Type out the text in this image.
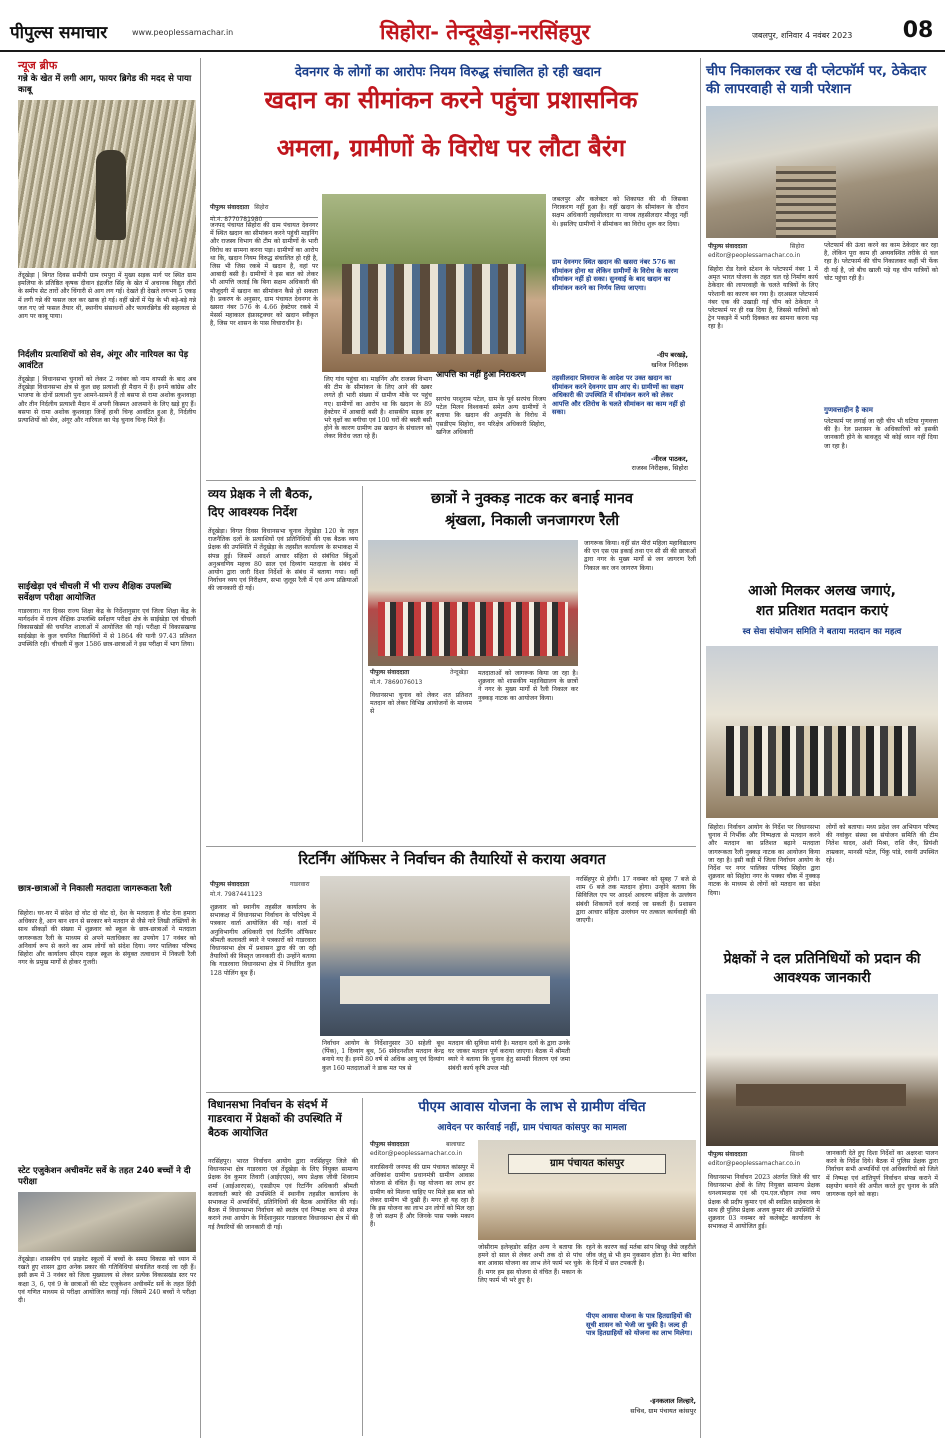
पीपुल्स समाचार	www.peoplessamachar.in	सिहोरा- तेन्दूखेड़ा-नरसिंहपुर	जबलपुर, शनिवार 4 नवंबर 2023	08
न्यूज ब्रीफ
गन्ने के खेत में लगी आग, फायर ब्रिगेड की मदद से पाया काबू
तेंदूखेड़ा | बिगत दिवस समीपी ग्राम रमपुरा में मुख्य सड़क मार्ग पर स्थित ग्राम इमलिया के प्रतिष्ठित कृषक दीवान इंद्रजीत सिंह के खेत में अचानक विद्युत तीरों के समीप सेट तारों और चिंगारी से आग लग गई। देखते ही देखते लगभग 5 एकड़ में लगी गन्ने की फसल जल कर खाक हो गई। वहीं खेतों में पेड़ के भी बड़े-बड़े गन्ने जल गए जो फसल तैयार थी, स्थानीय संसाधनों और फायरब्रिगेड की सहायता से आग पर काबू पाया।
निर्दलीय प्रत्याशियों को सेव, अंगूर और नारियल का पेड़ आवंटित
तेंदूखेड़ा | विधानसभा चुनावों को लेकर 2 नवंबर को नाम वापसी के बाद अब तेंदूखेड़ा विधानसभा क्षेत्र से कुल छह प्रत्याशी ही मैदान में हैं। इनमें कांग्रेस और भाजपा के दोनों प्रत्याशी पुनः आमने-सामने हैं तो बसपा से रामा अशोक कुशवाहा और तीन निर्दलीय प्रत्याशी मैदान में अपनी किस्मत आजमाने के लिए खड़े हुए हैं। बसपा से रामा अशोक कुशवाहा जिन्हें हाथी चिन्ह आवंटित हुआ है, निर्दलीय प्रत्याशियों को सेव, अंगूर और नारियल का पेड़ चुनाव चिन्ह मिले हैं।
साईखेड़ा एवं चीचली में भी राज्य शैक्षिक उपलब्धि सर्वेक्षण परीक्षा आयोजित
गाडरवारा। गत दिवस राज्य शिक्षा केंद्र के निर्देशानुसार एवं जिला शिक्षा केंद्र के मार्गदर्शन में राज्य शैक्षिक उपलब्धि सर्वेक्षण परीक्षा क्षेत्र के साईखेड़ा एवं चीचली विकासखंडों की चयनित शालाओं में आयोजित की गई। परीक्षा में विकासखण्ड साईखेड़ा के कुल चयनित विद्यार्थियों में से 1864 की यानी 97.43 प्रतिशत उपस्थिति रही। चीचली में कुल 1586 छात्र-छात्राओं ने इस परीक्षा में भाग लिया।
छात्र-छात्राओं ने निकाली मतदाता जागरूकता रैली
सिहोरा। घर-घर में संदेश दो वोट दो वोट दो, देश के मतदाता है वोट देना हमारा अधिकार है, आन बान शान से सरकार बने मतदान से जैसे नारे लिखी तख्तियों के साथ सीकड़ों की संख्या में शुक्रवार को स्कूल के छात्र-छात्राओं ने मतदाता जागरूकता रैली के माध्यम से अपने मताधिकार का उपयोग 17 नवंबर को अनिवार्य रूप से करने का आम लोगों को संदेश दिया। नगर पालिका परिषद सिहोरा और कार्यालय सीएम राइज स्कूल के संयुक्त तत्वाधान में निकली रैली नगर के प्रमुख मार्गों से होकर गुजरी।
स्टेट एजुकेशन अचीवमेंट सर्वे के तहत 240 बच्चों ने दी परीक्षा
तेंदूखेड़ा। शासकीय एवं प्राइवेट स्कूलों में बच्चों के समग्र विकास को ध्यान में रखते हुए शासन द्वारा अनेक प्रकार की गतिविधियां संचालित कराई जा रही हैं। इसी क्रम में 3 नवंबर को जिला मुख्यालय से लेकर प्रत्येक विकासखंड स्तर पर कक्षा 3, 6, एवं 9 के छात्राओं की स्टेट एजुकेशन अचीवमेंट सर्वे के तहत हिंदी एवं गणित माध्यम से परीक्षा आयोजित कराई गई। जिसमें 240 बच्चों ने परीक्षा दी।
देवनगर के लोगों का आरोपः नियम विरुद्ध संचालित हो रही खदान
खदान का सीमांकन करने पहुंचा प्रशासनिक
अमला, ग्रामीणों के विरोध पर लौटा बैरंग
पीपुल्स संवाददाता सिहोरा
मो.नं. 8770781980
जनपद पंचायत सिहोरा की ग्राम पंचायत देवनगर में स्थित खदान का सीमांकन करने पहुंची माइनिंग और राजस्व विभाग की टीम को ग्रामीणों के भारी विरोध का सामना करना पड़ा। ग्रामीणों का आरोप था कि, खदान नियम विरुद्ध संचालित हो रही है, जिस भी जिस रकबे में खदान है, वहां पर आबादी बसी है। ग्रामीणों ने इस बात को लेकर भी आपत्ति जताई कि बिना सक्षम अधिकारी की मौजूदगी में खदान का सीमांकन कैसे हो सकता है। प्रकरण के अनुसार, ग्राम पंचायत देवनगर के खसरा नंबर 576 के 4.66 हेक्टेयर रकबे में मेसर्स महाकाल इंफ्रास्ट्रक्चर को खदान स्वीकृत है, जिस पर शासन के पास विचाराधीन है।
लिए गांव पहुंचा था। माइनिंग और राजस्व विभाग की टीम के सीमांकन के लिए आने की खबर लगते ही भारी संख्या में ग्रामीण मौके पर पहुंच गए। ग्रामीणों का आरोप था कि खदान के 89 हेक्टेयर में आबादी बसी है। शासकीय सड़क हर भरे वृक्षों का बगीचा एवं 100 घरों की बस्ती बसी होने के कारण ग्रामीण उस खदान के संचालन को लेकर विरोध जता रहे हैं।
आपत्ति का नहीं हुआ निराकरण
सरपंच परशुराम पटेल, ग्राम के पूर्व सरपंच विजय पटेल मिलन विश्वकर्मा समेत अन्य ग्रामीणों ने बताया कि खदान की अनुमति के विरोध में एसडीएम सिहोरा, वन परिक्षेत्र अधिकारी सिहोरा, खनिज अधिकारी
जबलपुर और कलेक्टर को शिकायत की थी जिसका निराकरण नहीं हुआ है। वहीं खदान के सीमांकन के दौरान सक्षम अधिकारी तहसीलदार या नायब तहसीलदार मौजूद नहीं थे। इसलिए ग्रामीणों ने सीमांकन का विरोध शुरू कर दिया।
ग्राम देवनगर स्थित खदान की खसरा नंबर 576 का सीमांकन होना था लेकिन ग्रामीणों के विरोध के कारण सीमांकन नहीं हो सका। सुनवाई के बाद खदान का सीमांकन करने का निर्णय लिया जाएगा।
-दीप बरखड़े,
खनिज निरीक्षक
तहसीलदार शिवराज के आदेश पर उक्त खदान का सीमांकन करने देवनगर ग्राम आए थे। ग्रामीणों का सक्षम अधिकारी की उपस्थिति में सीमांकन करने को लेकर आपत्ति और रतिरोध के चलते सीमांकन का काम नहीं हो सका।
-नीरज पाठकर,
राजस्व निरीक्षक, सिहोरा
चीप निकालकर रख दी प्लेटफॉर्म पर, ठेकेदार की लापरवाही से यात्री परेशान
पीपुल्स संवाददाता	सिहोरा
editor@peoplessamachar.co.in
सिहोरा रोड रेलवे स्टेशन के प्लेटफार्म नंबर 1 में अमृत भारत योजना के तहत चल रहे निर्माण कार्य ठेकेदार की लापरवाही के चलते यात्रियों के लिए परेशानी का कारण बन गया है। दरअसल प्लेटफार्म नंबर एक की उखाड़ी गई चीप को ठेकेदार ने प्लेटफार्म पर ही रख दिया है, जिससे यात्रियों को ट्रेन पकड़ने में भारी दिक्कत का सामना करना पड़ रहा है।
प्लेटफार्म की ऊंचा करने का काम ठेकेदार कर रहा है, लेकिन पूरा काम ही अव्यवस्थित तरीके से चल रहा है। प्लेटफार्म की चीप निकालकर कहीं भी फेंक दी गई है, जो बीच खाली पड़े यह चीप यात्रियों को चोट पहुंचा रही है।
गुणवत्ताहीन है काम
प्लेटफार्म पर लगाई जा रही चीप भी घटिया गुणवत्ता की है। रेल प्रशासन के अधिकारियों को इसकी जानकारी होने के बावजूद भी कोई ध्यान नहीं दिया जा रहा है।
आओ मिलकर अलख जगाएं,
शत प्रतिशत मतदान कराएं
स्व सेवा संयोजन समिति ने बताया मतदान का महत्व
सिहोरा। निर्वाचन आयोग के निर्देश पर विधानसभा चुनाव में निर्भीक और निष्पक्षता से मतदान करने और मतदान का प्रतिशत बढ़ाने मतदाता जागरूकता रैली नुक्कड़ नाटक का आयोजन किया जा रहा है। इसी कड़ी में जिला निर्वाचन आयोग के निर्देश पर नगर पालिका परिषद सिहोरा द्वारा शुक्रवार को सिहोरा नगर के पक्का चौक में नुक्कड़ नाटक के माध्यम से लोगों को मतदान का संदेश दिया।
लोगों को बताया। मध्य प्रदेश जन अभियान परिषद की नवांकुर संस्था स्व संयोजन समिति की टीम नितेश यादव, अंशी मिश्रा, राशि जैन, प्रियंशी ताम्रकार, मानसी पटेल, पिंकु पांडे, रवानी उपस्थित रहे।
प्रेक्षकों ने दल प्रतिनिधियों को प्रदान की आवश्यक जानकारी
पीपुल्स संवाददाता	सिवनी
editor@peoplessamachar.co.in
विधानसभा निर्वाचन 2023 अंतर्गत जिले की चार विधानसभा क्षेत्रों के लिए नियुक्त सामान्य प्रेक्षक धनश्यामदास एवं श्री एम.एल.चौहान तथा व्यय प्रेक्षक श्री प्रदीप कुमार एवं श्री स्वप्निल साहेबराव के साथ ही पुलिस प्रेक्षक अजय कुमार की उपस्थिति में शुक्रवार 03 नवम्बर को कलेक्ट्रेट कार्यालय के सभाकक्ष में आयोजित हुई।
जानकारी देते हुए दिशा निर्देशों का अक्षरशः पालन करने के निर्देश दिये। बैठक में पुलिस प्रेक्षक द्वारा निर्वाचन सभी अभ्यर्थियों एवं अधिकारियों को जिले में निष्पक्ष एवं शांतिपूर्ण निर्वाचन संपन्न कराने में सहयोग बनाने की अपील करते हुए चुनाव के प्रति जागरूक रहने को कहा।
व्यय प्रेक्षक ने ली बैठक,
दिए आवश्यक निर्देश
तेंदूखेड़ा। विगत दिवस विधानसभा चुनाव तेंदूखेड़ा 120 के तहत राजनैतिक दलों के प्रत्याशियों एवं प्रतिनिधियों की एक बैठक व्यय प्रेक्षक की उपस्थिति में तेंदूखेड़ा के तहसील कार्यालय के सभाकक्ष में संपन्न हुई। जिसमें आदर्श आचार संहिता से संबंधित बिंदुओं अनुश्रवणिय महत्त्व 80 साल एवं दिव्यांग मतदाता के संबंध में आयोग द्वारा जारी दिशा निर्देशों के संबंध में बताया गया। वहीं निर्वाचन व्यय एवं निरीक्षण, सभा जुलूस रैली में एवं अन्य प्रक्रियाओं की जानकारी दी गई।
छात्रों ने नुक्कड़ नाटक कर बनाई मानव
श्रृंखला, निकाली जनजागरण रैली
पीपुल्स संवाददाता	तेन्दूखेड़ा
मो.नं. 7869076013
विधानसभा चुनाव को लेकर शत प्रतिशत मतदान को लेकर विभिन्न आयोजनों के माध्यम से
मतदाताओं को जागरूक किया जा रहा है। शुक्रवार को शासकीय महाविद्यालय के छात्रों ने नगर के मुख्य मार्गों से रैली निकाल कर नुक्कड़ नाटक का आयोजन किया।
जागरूक किया। वहीं संत मीरां महिला महाविद्यालय की एन एस एस इकाई तथा एन सी सी की छात्राओं द्वारा नगर के मुख्य मार्गों से जन जागरण रैली निकाल कर जन जागरण किया।
रिटर्निंग ऑफिसर ने निर्वाचन की तैयारियों से कराया अवगत
पीपुल्स संवाददाता	गाडरवारा
मो.नं. 7987441123
शुक्रवार को स्थानीय तहसील कार्यालय के सभाकक्ष में विधानसभा निर्वाचन के परिपेक्ष्य में पत्रकार वार्ता आयोजित की गई। वार्ता में अनुविभागीय अधिकारी एवं रिटर्निंग ऑफिसर श्रीमती कलावती ब्यारे ने पत्रकारों को गाडरवारा विधानसभा क्षेत्र में प्रशासन द्वारा की जा रही तैयारियों की विस्तृत जानकारी दी। उन्होंने बताया कि गाडरवारा विधानसभा क्षेत्र में निर्धारित कुल 128 पोलिंग बूथ हैं।
निर्वाचन आयोग के निर्देशानुसार 30 सहेली बूथ (पिंक), 1 दिव्यांग बूथ, 56 संवेदनशील मतदान केन्द्र बनाये गए हैं। इनमें 80 वर्ष से अधिक आयु एवं दिव्यांग कुल 160 मतदाताओं ने डाक मत पत्र से
मतदान की सुविधा मांगी है। मतदान दलों के द्वारा उनके घर जाकर मतदान पूर्ण कराया जाएगा। बैठक में श्रीमती ब्यारे ने बताया कि चुनाव हेतु सामग्री वितरण एवं जमा संबंधी कार्य कृषि उपज मंडी
नरसिंहपुर से होगी। 17 नवम्बर को सुबह 7 बजे से शाम 6 बजे तक मतदान होगा। उन्होंने बताया कि सिविजिल एप पर आदर्श आचरण संहिता के उल्लंघन संबंधी शिकायतें दर्ज कराई जा सकती हैं। प्रशासन द्वारा आचार संहिता उल्लंघन पर तत्काल कार्यवाही की जाएगी।
विधानसभा निर्वाचन के संदर्भ में गाडरवारा में प्रेक्षकों की उपस्थिति में बैठक आयोजित
नरसिंहपुर। भारत निर्वाचन आयोग द्वारा नरसिंहपुर जिले की विधानसभा क्षेत्र गाडरवारा एवं तेंदूखेड़ा के लिए नियुक्त सामान्य प्रेक्षक देव कुमार तिवारी (आईएएस), व्यय प्रेक्षक जीवी शिवराम शर्मा (आईआरएस), एसडीएम एवं रिटर्निंग अधिकारी श्रीमती कलावती ब्यारे की उपस्थिति में स्थानीय तहसील कार्यालय के सभाकक्ष में अभ्यर्थियों, प्रतिनिधियों की बैठक आयोजित की गई। बैठक में विधानसभा निर्वाचन को स्वतंत्र एवं निष्पक्ष रूप से संपन्न कराने तथा आयोग के निर्देशानुसार गाडरवारा विधानसभा क्षेत्र में की गई तैयारियों की जानकारी दी गई।
पीएम आवास योजना के लाभ से ग्रामीण वंचित
आवेदन पर कार्रवाई नहीं, ग्राम पंचायत कांसपुर का मामला
पीपुल्स संवाददाता	बालाघाट
editor@peoplessamachar.co.in
वारासिवनी जनपद की ग्राम पंचायत कांसपुर में अधिकांश ग्रामीण प्रधानमंत्री ग्रामीण आवास योजना से वंचित हैं। यह योजना का लाभ हर ग्रामीण को मिलना चाहिए पर मिले इस बात को लेकर ग्रामीण भी दुखी हैं। मगर हो यह रहा है कि इस योजना का लाभ उन लोगों को मिल रहा है जो सक्षम हैं और जिनके पास पक्के मकान हैं।
ग्राम पंचायत कांसपुर
जोसीराम इलेन्हडोर सहित अन्य ने बताया कि हमने दो साल से लेकर अभी तक दो से पांच बार आवास योजना का लाभ लेने फार्म भर चुके हैं। मगर हम इस योजना से वंचित हैं। मकान के लिए फार्म भी भरे हुए है।
रहने के कारण कई मर्तबा सांप बिच्छू जैसे जहरीले जीव जंतु से भी हम नुकसान होता है। मेरा बारिश के दिनों में छत टपकती है।
पीएम आवास योजना के पात्र हितग्राहियों की सूची शासन को भेजी जा चुकी है। जल्द ही पात्र हितग्राहियों को योजना का लाभ मिलेगा।
-इनकलाल लिल्हारे,
सचिव, ग्राम पंचायत कांसपुर
